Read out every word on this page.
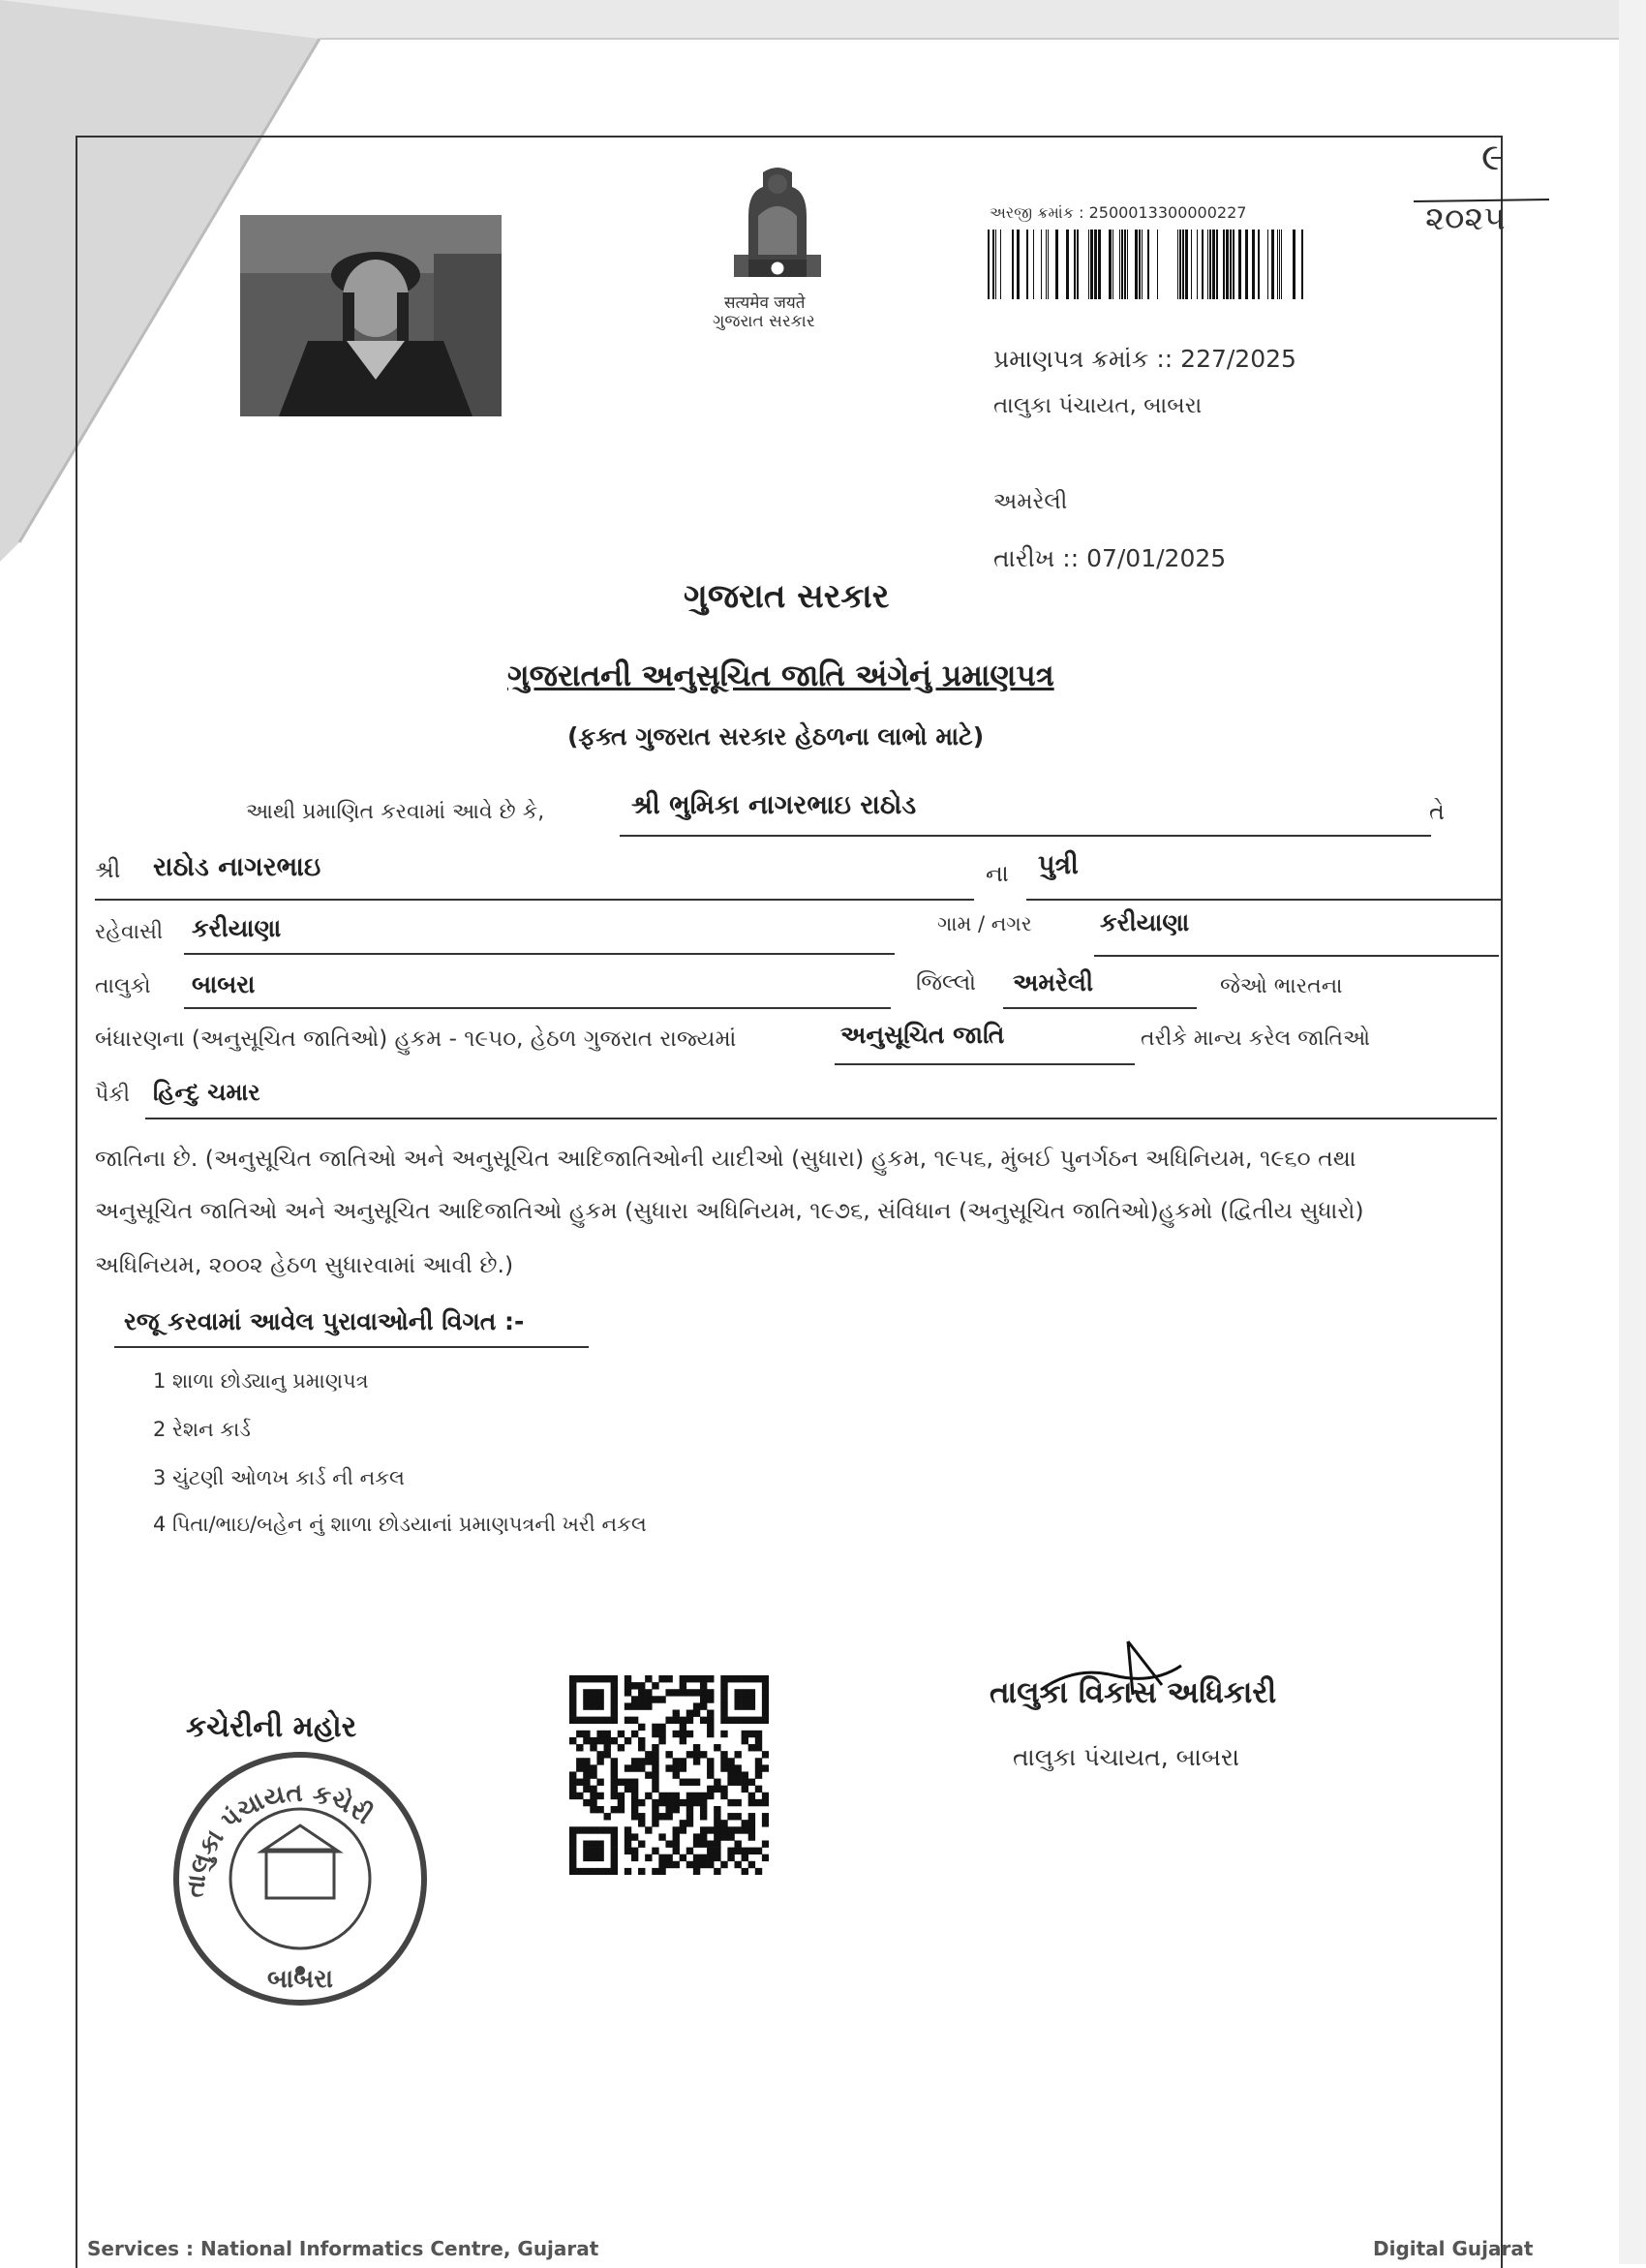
सत्यमेव जयते
ગુજરાત સરકાર
અરજી ક્રમાંક : 2500013300000227
૯
૨૦૨૫
પ્રમાણપત્ર ક્રમાંક :: 227/2025
તાલુકા પંચાયત, બાબરા
અમરેલી
તારીખ :: 07/01/2025
ગુજરાત સરકાર
ગુજરાતની અનુસૂચિત જાતિ અંગેનું પ્રમાણપત્ર
(ફક્ત ગુજરાત સરકાર હેઠળના લાભો માટે)
આથી પ્રમાણિત કરવામાં આવે છે કે,	શ્રી ભુમિકા નાગરભાઇ રાઠોડ	તે
શ્રી રાઠોડ નાગરભાઇ	ના પુત્રી
રહેવાસી કરીયાણા	ગામ / નગર	કરીયાણા
તાલુકો બાબરા	જિલ્લો અમરેલી	જેઓ ભારતના
બંધારણના (અનુસૂચિત જાતિઓ) હુકમ - ૧૯૫૦, હેઠળ ગુજરાત રાજ્યમાં	અનુસૂચિત જાતિ	તરીકે માન્ય કરેલ જાતિઓ
પૈકી હિન્દુ ચમાર
જાતિના છે. (અનુસૂચિત જાતિઓ અને અનુસૂચિત આદિજાતિઓની યાદીઓ (સુધારા) હુકમ, ૧૯૫૬, મુંબઈ પુનર્ગઠન અધિનિયમ, ૧૯૬૦ તથા
અનુસૂચિત જાતિઓ અને અનુસૂચિત આદિજાતિઓ હુકમ (સુધારા અધિનિયમ, ૧૯૭૬, સંવિધાન (અનુસૂચિત જાતિઓ)હુકમો (દ્વિતીય સુધારો)
અધિનિયમ, ૨૦૦૨ હેઠળ સુધારવામાં આવી છે.)
રજૂ કરવામાં આવેલ પુરાવાઓની વિગત :-
1 શાળા છોડ્યાનુ પ્રમાણપત્ર
2 રેશન કાર્ડ
3 ચુંટણી ઓળખ કાર્ડ ની નકલ
4 પિતા/ભાઇ/બહેન નું શાળા છોડયાનાં પ્રમાણપત્રની ખરી નકલ
કચેરીની મહોર
તાલુકા પંચાયત કચેરી
બાબરા
તાલુકા વિકાસ અધિકારી
તાલુકા પંચાયત, બાબરા
Services : National Informatics Centre, Gujarat	Digital Gujarat
